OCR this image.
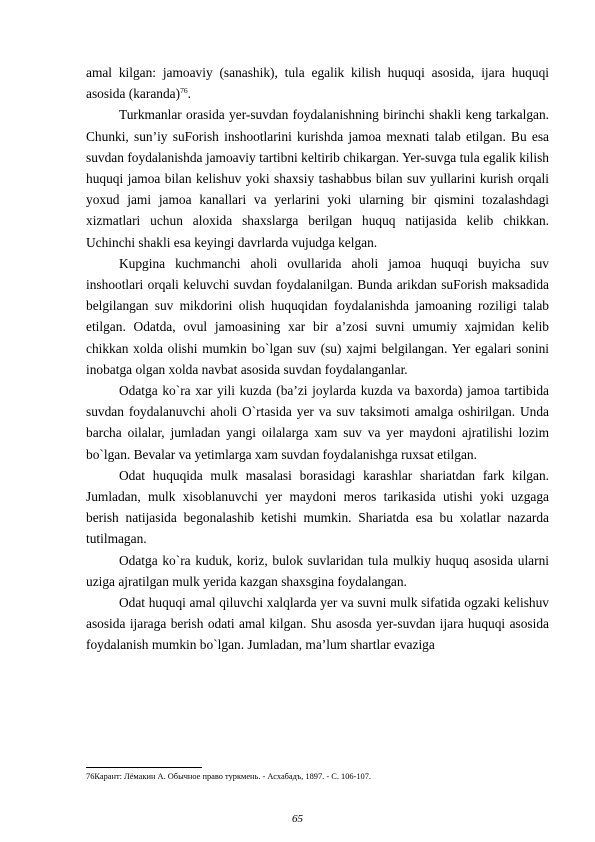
amal kilgan: jamoaviy (sanashik), tula egalik kilish huquqi asosida, ijara huquqi asosida (karanda)$^{76}$.

Turkmanlar orasida yer-suvdan foydalanishning birinchi shakli keng tarkalgan. Chunki, sun’iy suForish inshootlarini kurishda jamoa mexnati talab etilgan. Bu esa suvdan foydalanishda jamoaviy tartibni keltirib chikargan. Yer-suvga tula egalik kilish huquqi jamoa bilan kelishuv yoki shaxsiy tashabbus bilan suv yullarini kurish orqali yoxud jami jamoa kanallari va yerlarini yoki ularning bir qismini tozalashdagi xizmatlari uchun aloxida shaxslarga berilgan huquq natijasida kelib chikkan. Uchinchi shakli esa keyingi davrlarda vujudga kelgan.

Kupgina kuchmanchi aholi ovullarida aholi jamoa huquqi buyicha suv inshootlari orqali keluvchi suvdan foydalanilgan. Bunda arikdan suForish maksadida belgilangan suv mikdorini olish huquqidan foydalanishda jamoaning roziligi talab etilgan. Odatda, ovul jamoasining xar bir a’zosi suvni umumiy xajmidan kelib chikkan xolda olishi mumkin bo`lgan suv (su) xajmi belgilangan. Yer egalari sonini inobatga olgan xolda navbat asosida suvdan foydalanganlar.

Odatga ko`ra xar yili kuzda (ba’zi joylarda kuzda va baxorda) jamoa tartibida suvdan foydalanuvchi aholi O`rtasida yer va suv taksimoti amalga oshirilgan. Unda barcha oilalar, jumladan yangi oilalarga xam suv va yer maydoni ajratilishi lozim bo`lgan. Bevalar va yetimlarga xam suvdan foydalanishga ruxsat etilgan.

Odat huquqida mulk masalasi borasidagi karashlar shariatdan fark kilgan. Jumladan, mulk xisoblanuvchi yer maydoni meros tarikasida utishi yoki uzgaga berish natijasida begonalashib ketishi mumkin. Shariatda esa bu xolatlar nazarda tutilmagan.

Odatga ko`ra kuduk, koriz, bulok suvlaridan tula mulkiy huquq asosida ularni uziga ajratilgan mulk yerida kazgan shaxsgina foydalangan.

Odat huquqi amal qiluvchi xalqlarda yer va suvni mulk sifatida ogzaki kelishuv asosida ijaraga berish odati amal kilgan. Shu asosda yer-suvdan ijara huquqi asosida foydalanish mumkin bo`lgan. Jumladan, ma’lum shartlar evaziga

76Карант: Лёмакин А. Обычное право туркмень. - Асхабадъ, 1897. - С. 106-107.
65
